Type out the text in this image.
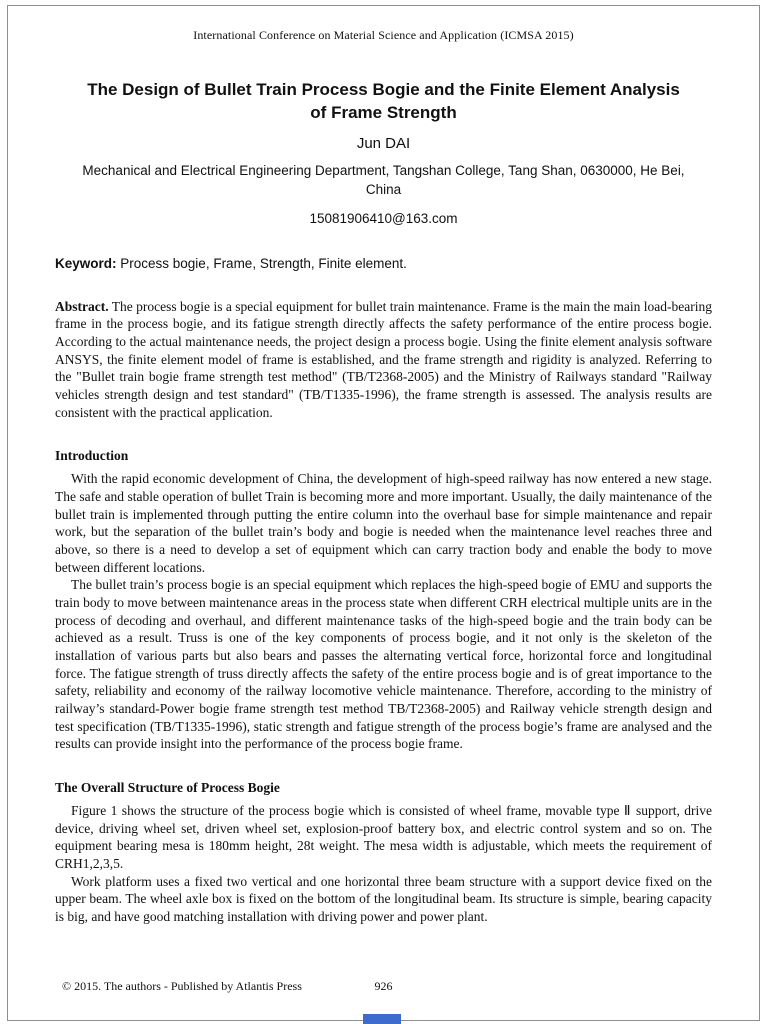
International Conference on Material Science and Application (ICMSA 2015)
The Design of Bullet Train Process Bogie and the Finite Element Analysis of Frame Strength
Jun DAI
Mechanical and Electrical Engineering Department, Tangshan College, Tang Shan, 0630000, He Bei, China
15081906410@163.com

Keyword: Process bogie, Frame, Strength, Finite element.

Abstract. The process bogie is a special equipment for bullet train maintenance. Frame is the main the main load-bearing frame in the process bogie, and its fatigue strength directly affects the safety performance of the entire process bogie. According to the actual maintenance needs, the project design a process bogie. Using the finite element analysis software ANSYS, the finite element model of frame is established, and the frame strength and rigidity is analyzed. Referring to the "Bullet train bogie frame strength test method" (TB/T2368-2005) and the Ministry of Railways standard "Railway vehicles strength design and test standard" (TB/T1335-1996), the frame strength is assessed. The analysis results are consistent with the practical application.

Introduction

With the rapid economic development of China, the development of high-speed railway has now entered a new stage. The safe and stable operation of bullet Train is becoming more and more important. Usually, the daily maintenance of the bullet train is implemented through putting the entire column into the overhaul base for simple maintenance and repair work, but the separation of the bullet train’s body and bogie is needed when the maintenance level reaches three and above, so there is a need to develop a set of equipment which can carry traction body and enable the body to move between different locations.

The bullet train’s process bogie is an special equipment which replaces the high-speed bogie of EMU and supports the train body to move between maintenance areas in the process state when different CRH electrical multiple units are in the process of decoding and overhaul, and different maintenance tasks of the high-speed bogie and the train body can be achieved as a result. Truss is one of the key components of process bogie, and it not only is the skeleton of the installation of various parts but also bears and passes the alternating vertical force, horizontal force and longitudinal force. The fatigue strength of truss directly affects the safety of the entire process bogie and is of great importance to the safety, reliability and economy of the railway locomotive vehicle maintenance. Therefore, according to the ministry of railway’s standard-Power bogie frame strength test method TB/T2368-2005) and Railway vehicle strength design and test specification (TB/T1335-1996), static strength and fatigue strength of the process bogie’s frame are analysed and the results can provide insight into the performance of the process bogie frame.

The Overall Structure of Process Bogie

Figure 1 shows the structure of the process bogie which is consisted of wheel frame, movable type Ⅱ support, drive device, driving wheel set, driven wheel set, explosion-proof battery box, and electric control system and so on. The equipment bearing mesa is 180mm height, 28t weight. The mesa width is adjustable, which meets the requirement of CRH1,2,3,5.

Work platform uses a fixed two vertical and one horizontal three beam structure with a support device fixed on the upper beam. The wheel axle box is fixed on the bottom of the longitudinal beam. Its structure is simple, bearing capacity is big, and have good matching installation with driving power and power plant.

© 2015. The authors - Published by Atlantis Press	926
